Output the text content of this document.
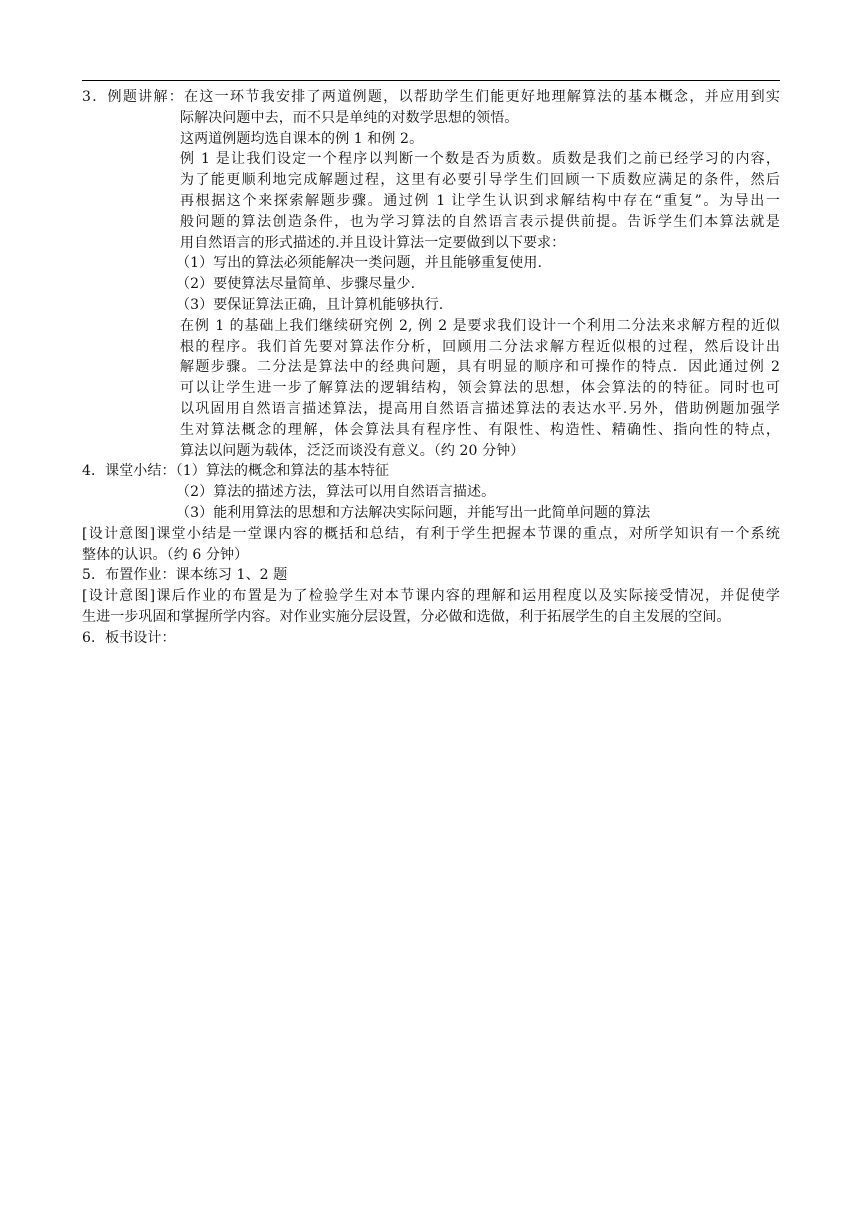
3．例题讲解：在这一环节我安排了两道例题，以帮助学生们能更好地理解算法的基本概念，并应用到实
际解决问题中去，而不只是单纯的对数学思想的领悟。
这两道例题均选自课本的例 1 和例 2。
例 1 是让我们设定一个程序以判断一个数是否为质数。质数是我们之前已经学习的内容，
为了能更顺利地完成解题过程，这里有必要引导学生们回顾一下质数应满足的条件，然后
再根据这个来探索解题步骤。通过例 1 让学生认识到求解结构中存在“重复”。为导出一
般问题的算法创造条件，也为学习算法的自然语言表示提供前提。告诉学生们本算法就是
用自然语言的形式描述的.并且设计算法一定要做到以下要求：
（1）写出的算法必须能解决一类问题，并且能够重复使用.
（2）要使算法尽量简单、步骤尽量少.
（3）要保证算法正确，且计算机能够执行.
在例 1 的基础上我们继续研究例 2, 例 2 是要求我们设计一个利用二分法来求解方程的近似
根的程序。我们首先要对算法作分析，回顾用二分法求解方程近似根的过程，然后设计出
解题步骤。二分法是算法中的经典问题，具有明显的顺序和可操作的特点．因此通过例 2
可以让学生进一步了解算法的逻辑结构，领会算法的思想，体会算法的的特征。同时也可
以巩固用自然语言描述算法，提高用自然语言描述算法的表达水平.另外，借助例题加强学
生对算法概念的理解，体会算法具有程序性、有限性、构造性、精确性、指向性的特点，
算法以问题为载体，泛泛而谈没有意义。（约 20 分钟）
4．课堂小结：（1）算法的概念和算法的基本特征
（2）算法的描述方法，算法可以用自然语言描述。
（3）能利用算法的思想和方法解决实际问题，并能写出一此简单问题的算法
[设计意图]课堂小结是一堂课内容的概括和总结，有利于学生把握本节课的重点，对所学知识有一个系统
整体的认识。（约 6 分钟）
5．布置作业：课本练习 1、2 题
[设计意图]课后作业的布置是为了检验学生对本节课内容的理解和运用程度以及实际接受情况，并促使学
生进一步巩固和掌握所学内容。对作业实施分层设置，分必做和选做，利于拓展学生的自主发展的空间。
6．板书设计：
